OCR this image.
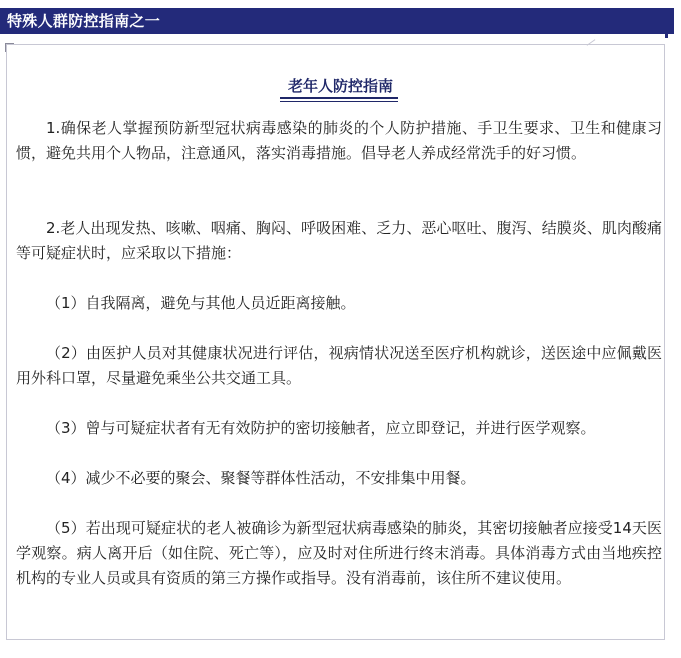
特殊人群防控指南之一
老年人防控指南

1.确保老人掌握预防新型冠状病毒感染的肺炎的个人防护措施、手卫生要求、卫生和健康习惯，避免共用个人物品，注意通风，落实消毒措施。倡导老人养成经常洗手的好习惯。

2.老人出现发热、咳嗽、咽痛、胸闷、呼吸困难、乏力、恶心呕吐、腹泻、结膜炎、肌肉酸痛等可疑症状时，应采取以下措施：

（1）自我隔离，避免与其他人员近距离接触。

（2）由医护人员对其健康状况进行评估，视病情状况送至医疗机构就诊，送医途中应佩戴医用外科口罩，尽量避免乘坐公共交通工具。

（3）曾与可疑症状者有无有效防护的密切接触者，应立即登记，并进行医学观察。

（4）减少不必要的聚会、聚餐等群体性活动，不安排集中用餐。

（5）若出现可疑症状的老人被确诊为新型冠状病毒感染的肺炎，其密切接触者应接受14天医学观察。病人离开后（如住院、死亡等），应及时对住所进行终末消毒。具体消毒方式由当地疾控机构的专业人员或具有资质的第三方操作或指导。没有消毒前，该住所不建议使用。
